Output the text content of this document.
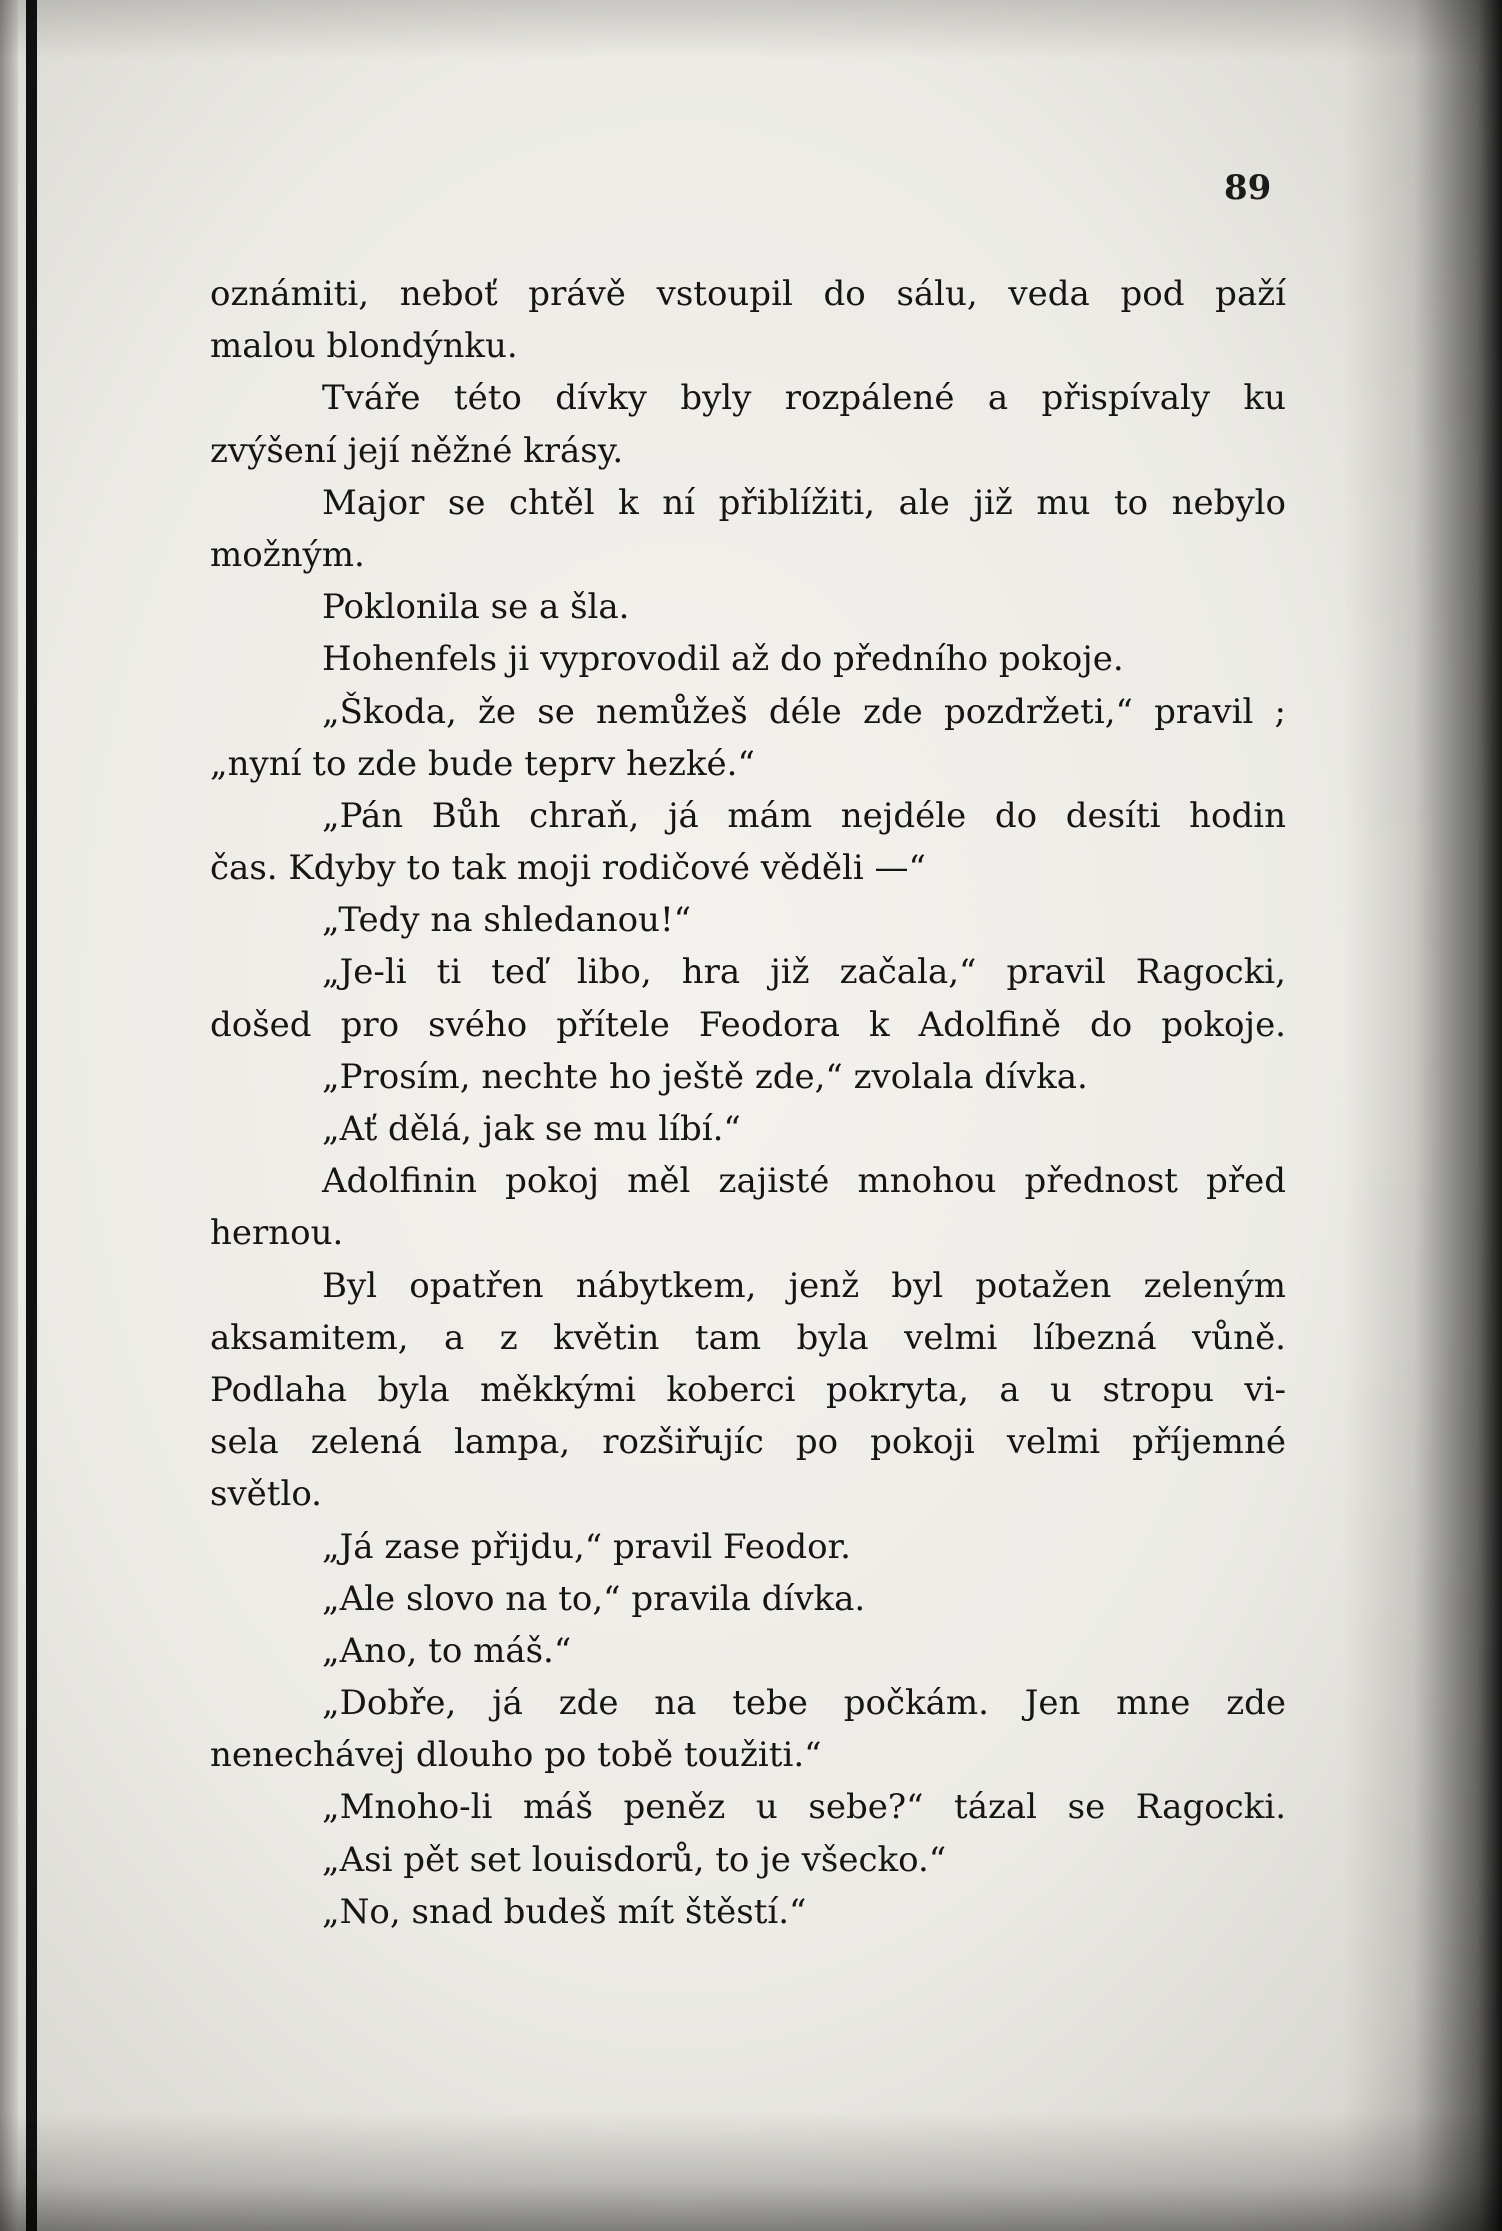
89
oznámiti, neboť právě vstoupil do sálu, veda pod paží
malou blondýnku.
Tváře této dívky byly rozpálené a přispívaly ku
zvýšení její něžné krásy.
Major se chtěl k ní přiblížiti, ale již mu to nebylo
možným.
Poklonila se a šla.
Hohenfels ji vyprovodil až do předního pokoje.
„Škoda, že se nemůžeš déle zde pozdržeti,“ pravil ;
„nyní to zde bude teprv hezké.“
„Pán Bůh chraň, já mám nejdéle do desíti hodin
čas. Kdyby to tak moji rodičové věděli —“
„Tedy na shledanou!“
„Je-li ti teď libo, hra již začala,“ pravil Ragocki,
došed pro svého přítele Feodora k Adolfině do pokoje.
„Prosím, nechte ho ještě zde,“ zvolala dívka.
„Ať dělá, jak se mu líbí.“
Adolfinin pokoj měl zajisté mnohou přednost před
hernou.
Byl opatřen nábytkem, jenž byl potažen zeleným
aksamitem, a z květin tam byla velmi líbezná vůně.
Podlaha byla měkkými koberci pokryta, a u stropu vi-
sela zelená lampa, rozšiřujíc po pokoji velmi příjemné
světlo.
„Já zase přijdu,“ pravil Feodor.
„Ale slovo na to,“ pravila dívka.
„Ano, to máš.“
„Dobře, já zde na tebe počkám. Jen mne zde
nenechávej dlouho po tobě toužiti.“
„Mnoho-li máš peněz u sebe?“ tázal se Ragocki.
„Asi pět set louisdorů, to je všecko.“
„No, snad budeš mít štěstí.“
